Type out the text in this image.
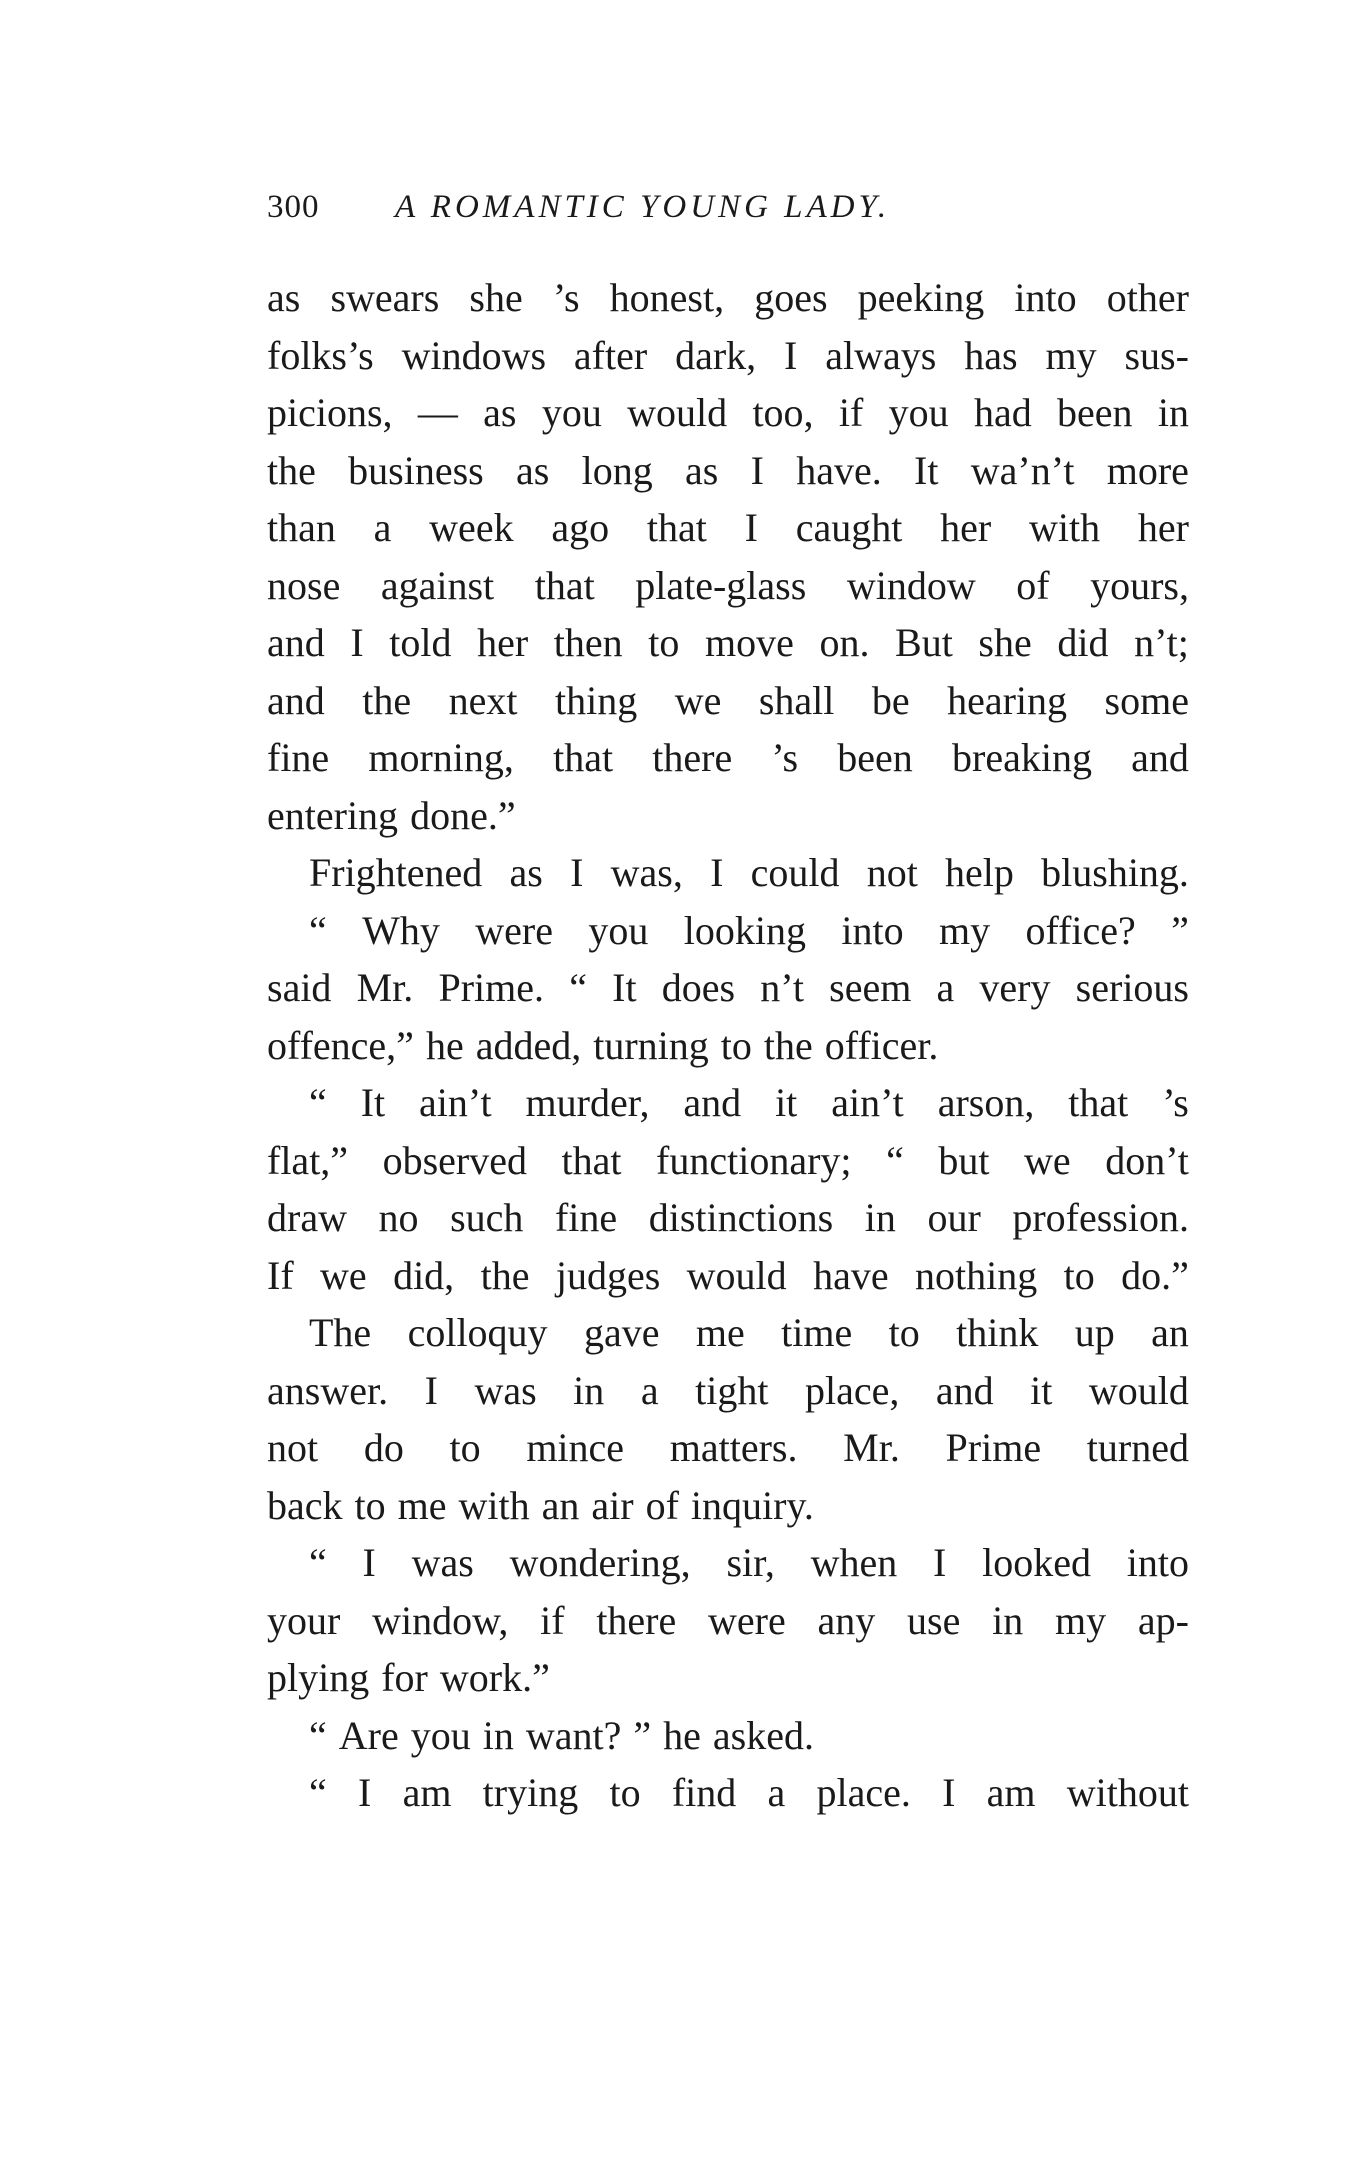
300 A ROMANTIC YOUNG LADY.
as swears she ’s honest, goes peeking into other
folks’s windows after dark, I always has my sus-
picions, — as you would too, if you had been in
the business as long as I have. It wa’n’t more
than a week ago that I caught her with her
nose against that plate-glass window of yours,
and I told her then to move on. But she did n’t;
and the next thing we shall be hearing some
fine morning, that there ’s been breaking and
entering done.”
Frightened as I was, I could not help blushing.
“ Why were you looking into my office? ”
said Mr. Prime. “ It does n’t seem a very serious
offence,” he added, turning to the officer.
“ It ain’t murder, and it ain’t arson, that ’s
flat,” observed that functionary; “ but we don’t
draw no such fine distinctions in our profession.
If we did, the judges would have nothing to do.”
The colloquy gave me time to think up an
answer. I was in a tight place, and it would
not do to mince matters. Mr. Prime turned
back to me with an air of inquiry.
“ I was wondering, sir, when I looked into
your window, if there were any use in my ap-
plying for work.”
“ Are you in want? ” he asked.
“ I am trying to find a place. I am without
